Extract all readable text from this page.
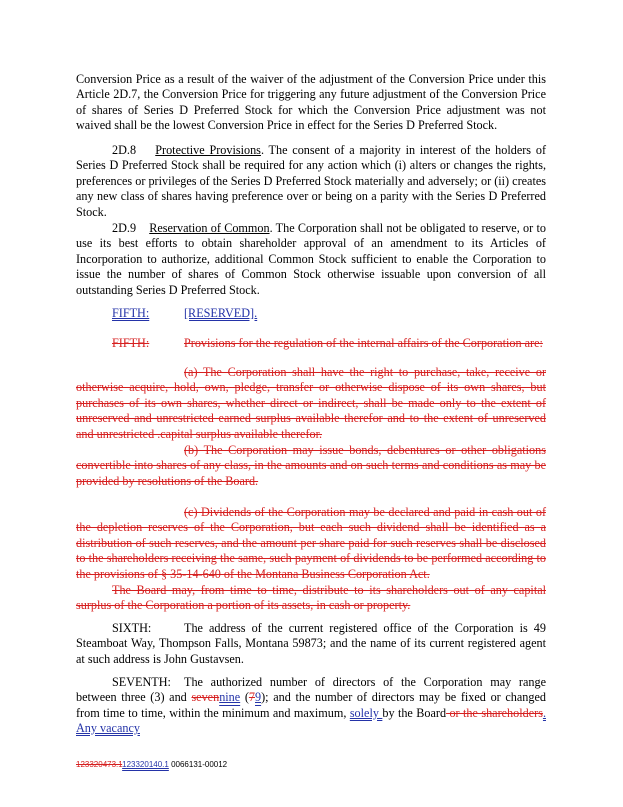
Conversion Price as a result of the waiver of the adjustment of the Conversion Price under this Article 2D.7, the Conversion Price for triggering any future adjustment of the Conversion Price of shares of Series D Preferred Stock for which the Conversion Price adjustment was not waived shall be the lowest Conversion Price in effect for the Series D Preferred Stock.

2D.8 Protective Provisions. The consent of a majority in interest of the holders of Series D Preferred Stock shall be required for any action which (i) alters or changes the rights, preferences or privileges of the Series D Preferred Stock materially and adversely; or (ii) creates any new class of shares having preference over or being on a parity with the Series D Preferred Stock.

2D.9 Reservation of Common. The Corporation shall not be obligated to reserve, or to use its best efforts to obtain shareholder approval of an amendment to its Articles of Incorporation to authorize, additional Common Stock sufficient to enable the Corporation to issue the number of shares of Common Stock otherwise issuable upon conversion of all outstanding Series D Preferred Stock.

FIFTH:	[RESERVED].

FIFTH:	Provisions for the regulation of the internal affairs of the Corporation are:

(a) The Corporation shall have the right to purchase, take, receive or otherwise acquire, hold, own, pledge, transfer or otherwise dispose of its own shares, but purchases of its own shares, whether direct or indirect, shall be made only to the extent of unreserved and unrestricted earned surplus available therefor and to the extent of unreserved and unrestricted .capital surplus available therefor.

(b) The Corporation may issue bonds, debentures or other obligations convertible into shares of any class, in the amounts and on such terms and conditions as may be provided by resolutions of the Board.

(c) Dividends of the Corporation may be declared and paid in cash out of the depletion reserves of the Corporation, but each such dividend shall be identified as a distribution of such reserves, and the amount per share paid for such reserves shall be disclosed to the shareholders receiving the same, such payment of dividends to be performed according to the provisions of § 35-14-640 of the Montana Business Corporation Act.

The Board may, from time to time, distribute to its shareholders out of any capital surplus of the Corporation a portion of its assets, in cash or property.

SIXTH:	The address of the current registered office of the Corporation is 49 Steamboat Way, Thompson Falls, Montana 59873; and the name of its current registered agent at such address is John Gustavsen.

SEVENTH: The authorized number of directors of the Corporation may range between three (3) and sevennine (79); and the number of directors may be fixed or changed from time to time, within the minimum and maximum, solely by the Board or the shareholders. Any vacancy

123320473.1123320140.1 0066131-00012
